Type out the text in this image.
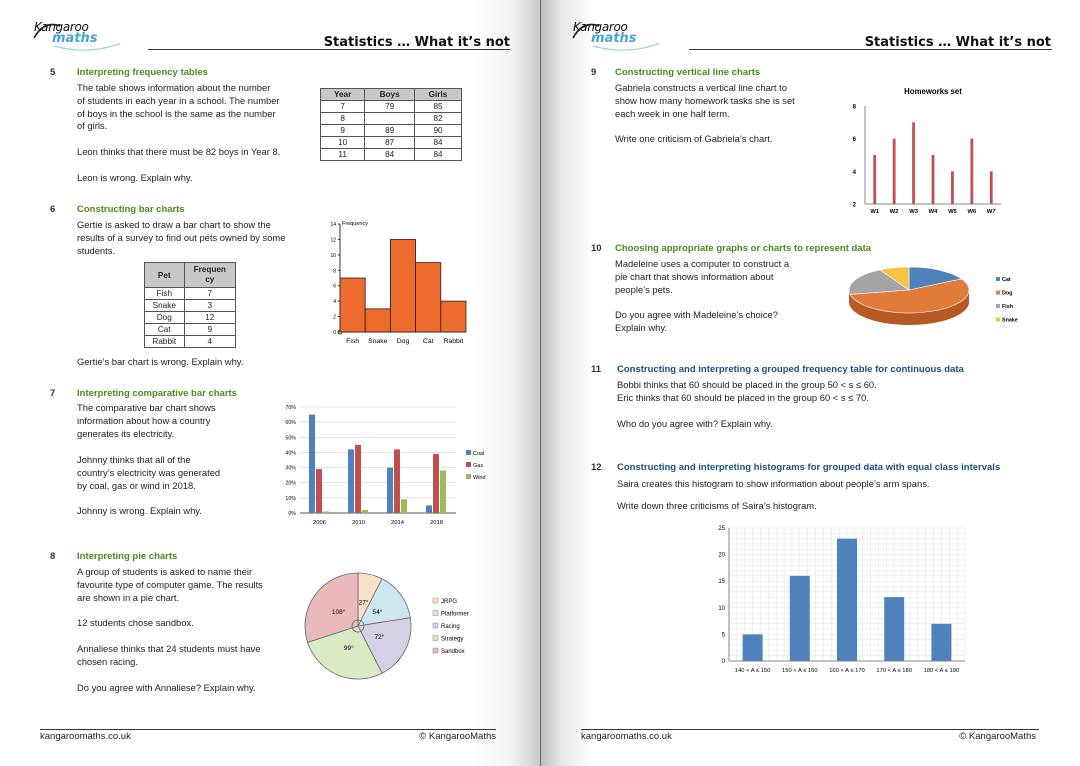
Kangaroo
maths	Statistics … What it’s not
5 Interpreting frequency tables
The table shows information about the number
of students in each year in a school. The number
of boys in the school is the same as the number
of girls.
Leon thinks that there must be 82 boys in Year 8.
Leon is wrong. Explain why.
Year	Boys	Girls
7	79	85
8		82
9	89	90
10	87	84
11	84	84
6 Constructing bar charts
Gertie is asked to draw a bar chart to show the
results of a survey to find out pets owned by some
students.
Pet	Frequen
cy
Fish	7
Snake	3
Dog	12
Cat	9
Rabbit	4
Gertie’s bar chart is wrong. Explain why.
0
2
4
6
8
10
12
14 Frequency
Fish Snake Dog Cat Rabbit
7 Interpreting comparative bar charts
The comparative bar chart shows
information about how a country
generates its electricity.
Johnny thinks that all of the
country’s electricity was generated
by coal, gas or wind in 2018.
Johnny is wrong. Explain why.	0%
10%
20%
30%
40%
50%
60%
70%
2006	2010	2014	2018
Coal
Gas
Wind
8 Interpreting pie charts
A group of students is asked to name their
favourite type of computer game. The results
are shown in a pie chart.
12 students chose sandbox.
Annaliese thinks that 24 students must have
chosen racing.
Do you agree with Annaliese? Explain why.
27°
54°
72°
99°
108°
JRPG
Platformer
Racing
Strategy
Sandbox
kangaroomaths.co.uk	© KangarooMaths
Kangaroo
maths	Statistics … What it’s not
9 Constructing vertical line charts
Gabriela constructs a vertical line chart to
show how many homework tasks she is set
each week in one half term.
Write one criticism of Gabriela’s chart.
Homeworks set
2
4
6
8
W1 W2 W3 W4 W5 W6 W7
10 Choosing appropriate graphs or charts to represent data
Madeleine uses a computer to construct a
pie chart that shows information about
people’s pets.
Do you agree with Madeleine’s choice?
Explain why.
Cat
Dog
Fish
Snake
11 Constructing and interpreting a grouped frequency table for continuous data
Bobbi thinks that 60 should be placed in the group 50 < s ≤ 60.
Eric thinks that 60 should be placed in the group 60 < s ≤ 70.
Who do you agree with? Explain why.
12 Constructing and interpreting histograms for grouped data with equal class intervals
Saira creates this histogram to show information about people’s arm spans.
Write down three criticisms of Saira’s histogram.
0
5
10
15
20
25
140 < A ≤ 150 150 < A ≤ 160 160 < A ≤ 170 170 < A ≤ 180 180 < A ≤ 190
kangaroomaths.co.uk	© KangarooMaths
